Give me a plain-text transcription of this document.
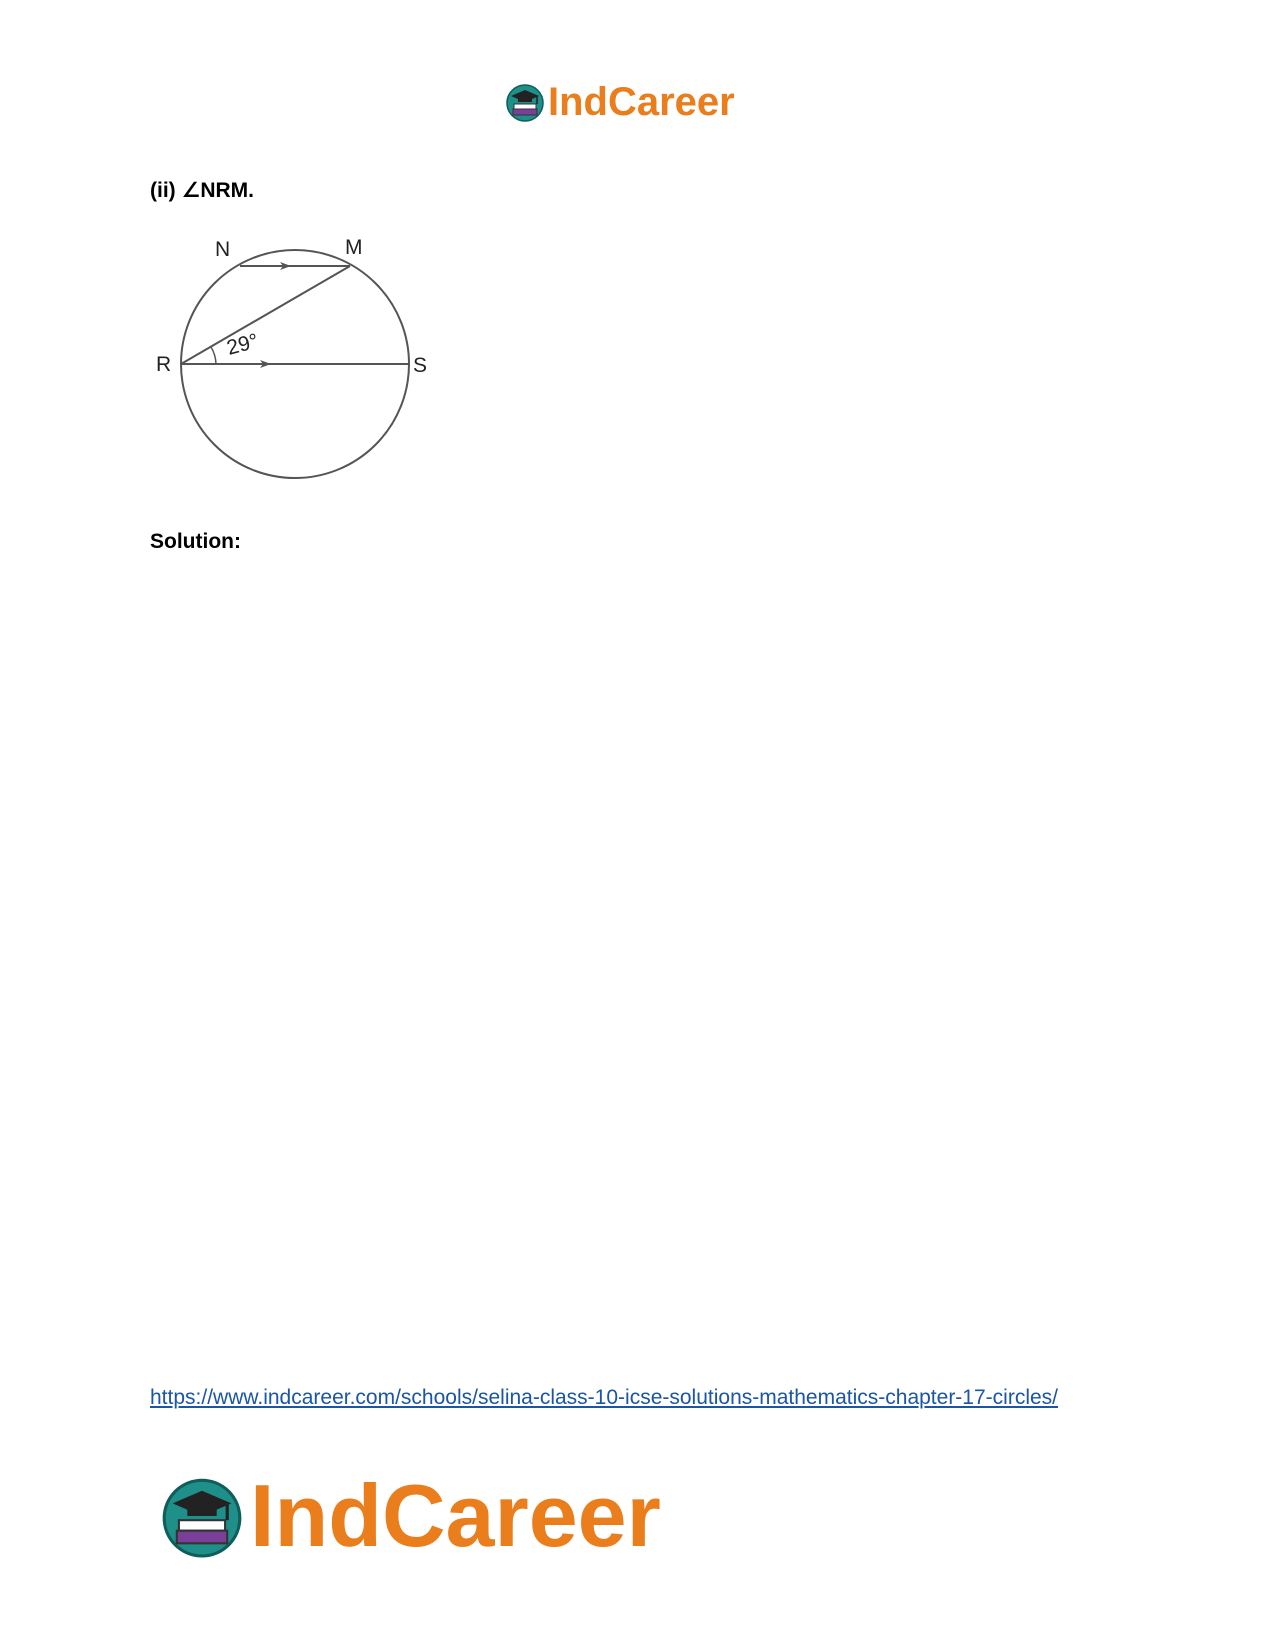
IndCareer
(ii) ∠NRM.
N	M
R	S
29°
Solution:
https://www.indcareer.com/schools/selina-class-10-icse-solutions-mathematics-chapter-17-circles/
IndCareer
